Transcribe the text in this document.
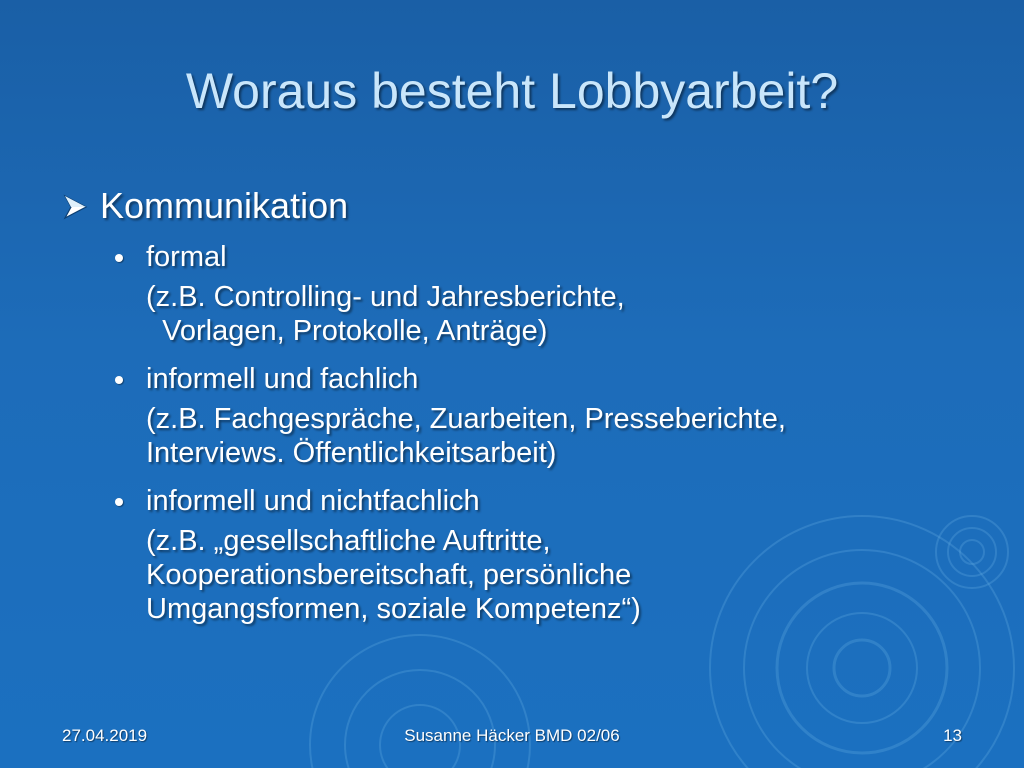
Woraus besteht Lobbyarbeit?
Kommunikation
formal
(z.B. Controlling- und Jahresberichte,
Vorlagen, Protokolle, Anträge)
informell und fachlich
(z.B. Fachgespräche, Zuarbeiten, Presseberichte,
Interviews. Öffentlichkeitsarbeit)
informell und nichtfachlich
(z.B. „gesellschaftliche Auftritte,
Kooperationsbereitschaft, persönliche
Umgangsformen, soziale Kompetenz“)
27.04.2019	Susanne Häcker BMD 02/06	13
